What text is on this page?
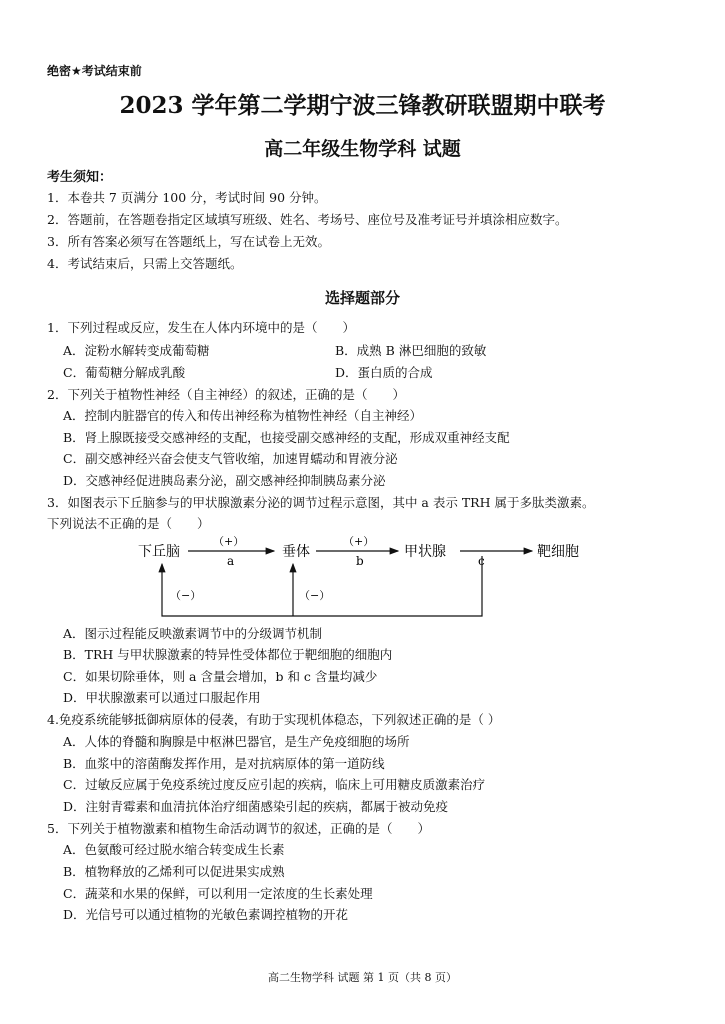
绝密★考试结束前
2023 学年第二学期宁波三锋教研联盟期中联考
高二年级生物学科 试题
考生须知：
1．本卷共 7 页满分 100 分，考试时间 90 分钟。
2．答题前，在答题卷指定区域填写班级、姓名、考场号、座位号及准考证号并填涂相应数字。
3．所有答案必须写在答题纸上，写在试卷上无效。
4．考试结束后，只需上交答题纸。
选择题部分
1．下列过程或反应，发生在人体内环境中的是（　　）
A．淀粉水解转变成葡萄糖	B．成熟 B 淋巴细胞的致敏
C．葡萄糖分解成乳酸	D．蛋白质的合成
2．下列关于植物性神经（自主神经）的叙述，正确的是（　　）
A．控制内脏器官的传入和传出神经称为植物性神经（自主神经）
B．肾上腺既接受交感神经的支配，也接受副交感神经的支配，形成双重神经支配
C．副交感神经兴奋会使支气管收缩，加速胃蠕动和胃液分泌
D．交感神经促进胰岛素分泌，副交感神经抑制胰岛素分泌
3．如图表示下丘脑参与的甲状腺激素分泌的调节过程示意图，其中 a 表示 TRH 属于多肽类激素。
下列说法不正确的是（　　）
下丘脑	垂体	甲状腺	靶细胞
（+）
a
（+）
b	c
（−）	（−）
A．图示过程能反映激素调节中的分级调节机制
B．TRH 与甲状腺激素的特异性受体都位于靶细胞的细胞内
C．如果切除垂体，则 a 含量会增加，b 和 c 含量均减少
D．甲状腺激素可以通过口服起作用
4.免疫系统能够抵御病原体的侵袭，有助于实现机体稳态，下列叙述正确的是（ ）
A．人体的脊髓和胸腺是中枢淋巴器官，是生产免疫细胞的场所
B．血浆中的溶菌酶发挥作用，是对抗病原体的第一道防线
C．过敏反应属于免疫系统过度反应引起的疾病，临床上可用糖皮质激素治疗
D．注射青霉素和血清抗体治疗细菌感染引起的疾病，都属于被动免疫
5．下列关于植物激素和植物生命活动调节的叙述，正确的是（　　）
A．色氨酸可经过脱水缩合转变成生长素
B．植物释放的乙烯利可以促进果实成熟
C．蔬菜和水果的保鲜，可以利用一定浓度的生长素处理
D．光信号可以通过植物的光敏色素调控植物的开花
高二生物学科 试题 第 1 页（共 8 页）
